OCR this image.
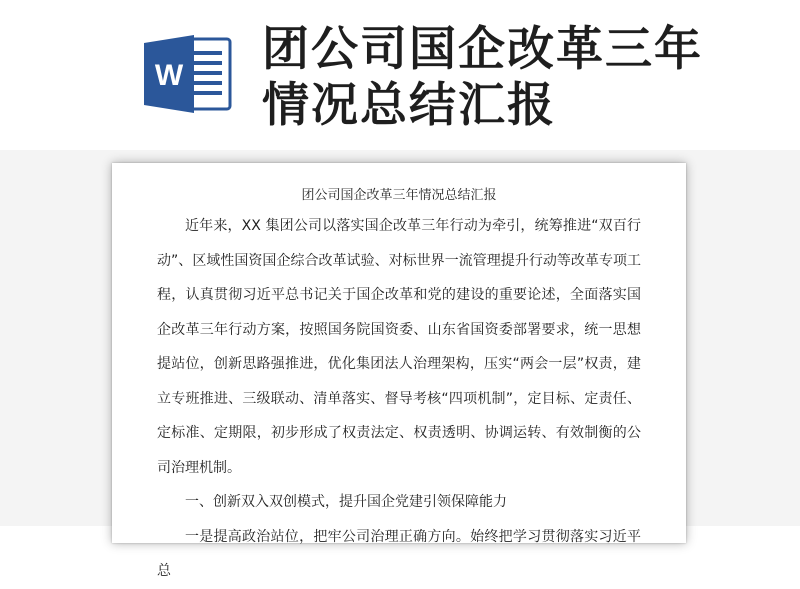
W 团公司国企改革三年
情况总结汇报
团公司国企改革三年情况总结汇报

近年来，XX 集团公司以落实国企改革三年行动为牵引，统筹推进“双百行动”、区域性国资国企综合改革试验、对标世界一流管理提升行动等改革专项工程，认真贯彻习近平总书记关于国企改革和党的建设的重要论述，全面落实国企改革三年行动方案，按照国务院国资委、山东省国资委部署要求，统一思想提站位，创新思路强推进，优化集团法人治理架构，压实“两会一层”权责，建立专班推进、三级联动、清单落实、督导考核“四项机制”，定目标、定责任、定标准、定期限，初步形成了权责法定、权责透明、协调运转、有效制衡的公司治理机制。

一、创新双入双创模式，提升国企党建引领保障能力

一是提高政治站位，把牢公司治理正确方向。始终把学习贯彻落实习近平总
